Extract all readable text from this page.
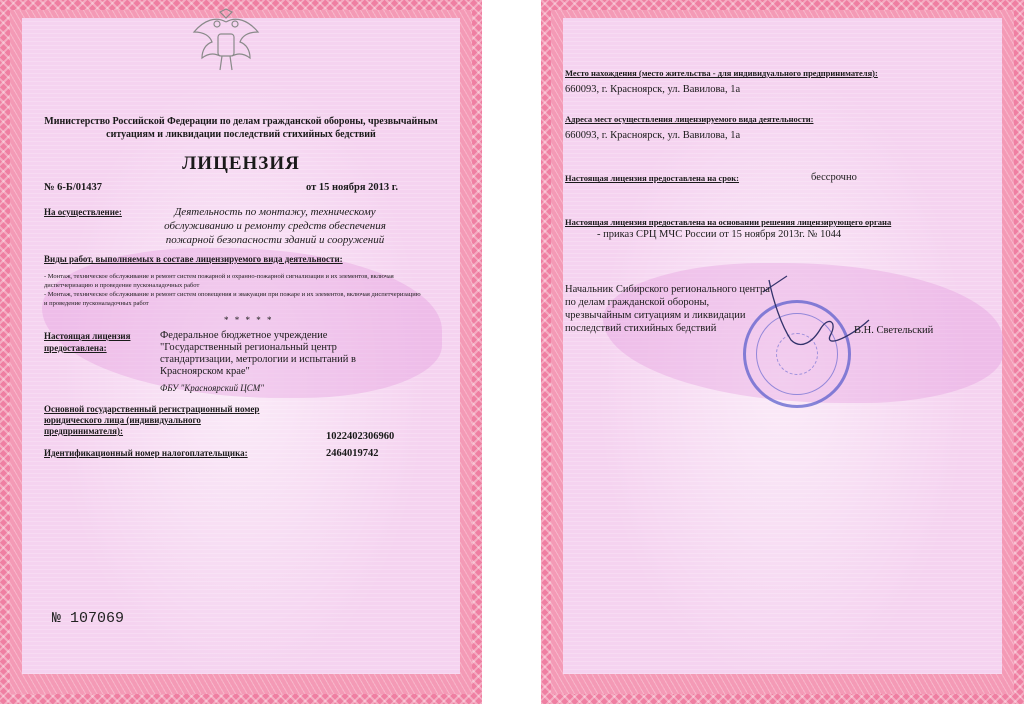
Министерство Российской Федерации по делам гражданской обороны, чрезвычайным ситуациям и ликвидации последствий стихийных бедствий
ЛИЦЕНЗИЯ
№ 6-Б/01437	от 15 ноября 2013 г.
На осуществление:	Деятельность по монтажу, техническому обслуживанию и ремонту средств обеспечения пожарной безопасности зданий и сооружений
Виды работ, выполняемых в составе лицензируемого вида деятельности:
- Монтаж, техническое обслуживание и ремонт систем пожарной и охранно-пожарной сигнализации и их элементов, включая диспетчеризацию и проведение пусконаладочных работ
- Монтаж, техническое обслуживание и ремонт систем оповещения и эвакуации при пожаре и их элементов, включая диспетчеризацию и проведение пусконаладочных работ
* * * * *
Настоящая лицензия предоставлена:
Федеральное бюджетное учреждение "Государственный региональный центр стандартизации, метрологии и испытаний в Красноярском крае"
ФБУ "Красноярский ЦСМ"
Основной государственный регистрационный номер юридического лица (индивидуального предпринимателя):	1022402306960
Идентификационный номер налогоплательщика:	2464019742
№ 107069
Место нахождения (место жительства - для индивидуального предпринимателя):
660093, г. Красноярск, ул. Вавилова, 1а
Адреса мест осуществления лицензируемого вида деятельности:
660093, г. Красноярск, ул. Вавилова, 1а
Настоящая лицензия предоставлена на срок:	бессрочно
Настоящая лицензия предоставлена на основании решения лицензирующего органа
- приказ СРЦ МЧС России от 15 ноября 2013г. № 1044
Начальник Сибирского регионального центра по делам гражданской обороны, чрезвычайным ситуациям и ликвидации последствий стихийных бедствий	В.Н. Светельский
